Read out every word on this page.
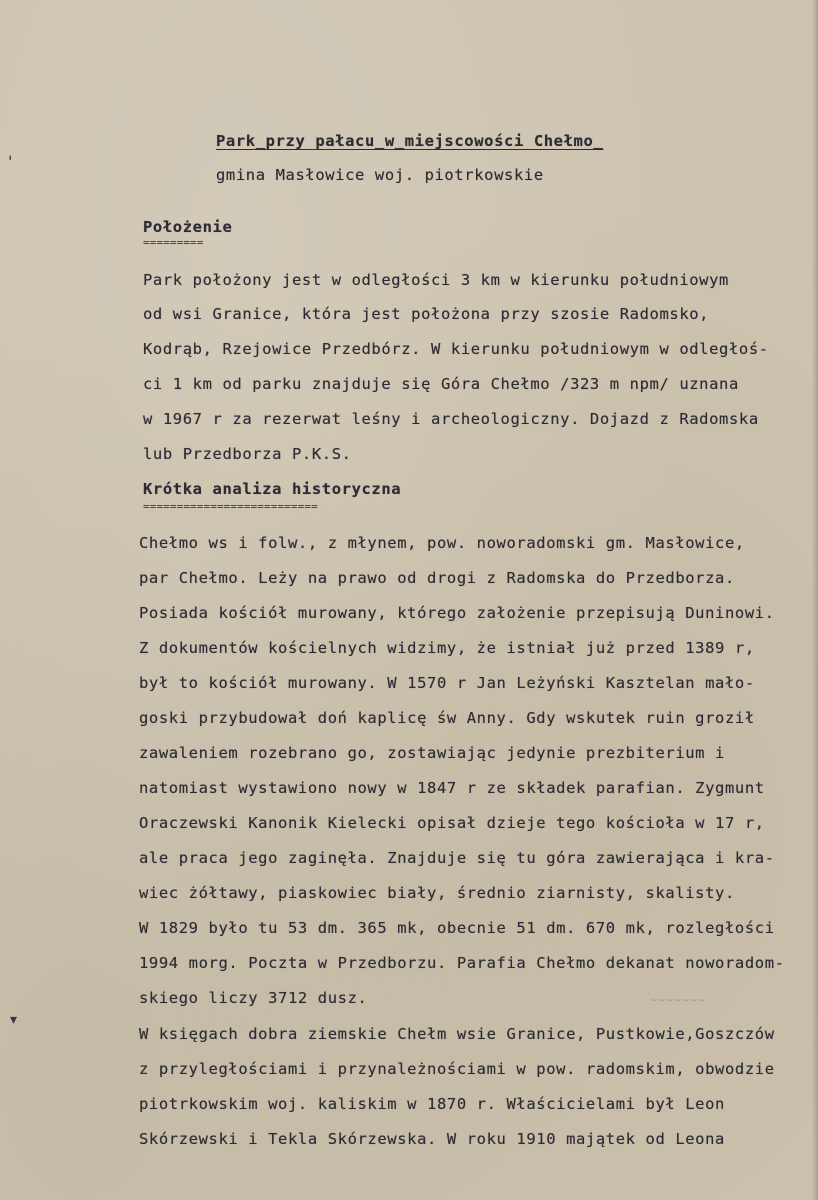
'
▾
Park_przy pałacu_w_miejscowości Chełmo_
gmina Masłowice woj. piotrkowskie
Położenie
=========
Park położony jest w odległości 3 km w kierunku południowym
od wsi Granice, która jest położona przy szosie Radomsko,
Kodrąb, Rzejowice Przedbórz. W kierunku południowym w odległoś-
ci 1 km od parku znajduje się Góra Chełmo /323 m npm/ uznana
w 1967 r za rezerwat leśny i archeologiczny. Dojazd z Radomska
lub Przedborza P.K.S.
Krótka analiza historyczna
==========================
Chełmo ws i folw., z młynem, pow. noworadomski gm. Masłowice,
par Chełmo. Leży na prawo od drogi z Radomska do Przedborza.
Posiada kościół murowany, którego założenie przepisują Duninowi.
Z dokumentów kościelnych widzimy, że istniał już przed 1389 r,
był to kościół murowany. W 1570 r Jan Leżyński Kasztelan mało-
goski przybudował doń kaplicę św Anny. Gdy wskutek ruin groził
zawaleniem rozebrano go, zostawiając jedynie prezbiterium i
natomiast wystawiono nowy w 1847 r ze składek parafian. Zygmunt
Oraczewski Kanonik Kielecki opisał dzieje tego kościoła w 17 r,
ale praca jego zaginęła. Znajduje się tu góra zawierająca i kra-
wiec żółtawy, piaskowiec biały, średnio ziarnisty, skalisty.
W 1829 było tu 53 dm. 365 mk, obecnie 51 dm. 670 mk, rozległości
1994 morg. Poczta w Przedborzu. Parafia Chełmo dekanat noworadom-
skiego liczy 3712 dusz.
W księgach dobra ziemskie Chełm wsie Granice, Pustkowie,Goszczów
z przyległościami i przynależnościami w pow. radomskim, obwodzie
piotrkowskim woj. kaliskim w 1870 r. Właścicielami był Leon
Skórzewski i Tekla Skórzewska. W roku 1910 majątek od Leona
~~~~~~~
